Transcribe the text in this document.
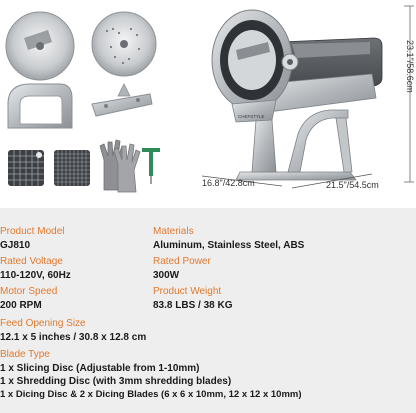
CHEFSTYLE
16.8"/42.8cm	21.5"/54.5cm
23.1"/58.6cm
Product Model
GJ810
Materials
Aluminum, Stainless Steel, ABS
Rated Voltage
110-120V, 60Hz
Rated Power
300W
Motor Speed
200 RPM
Product Weight
83.8 LBS / 38 KG
Feed Opening Size
12.1 x 5 inches / 30.8 x 12.8 cm
Blade Type
1 x Slicing Disc (Adjustable from 1-10mm)
1 x Shredding Disc (with 3mm shredding blades)
1 x Dicing Disc & 2 x Dicing Blades (6 x 6 x 10mm, 12 x 12 x 10mm)
